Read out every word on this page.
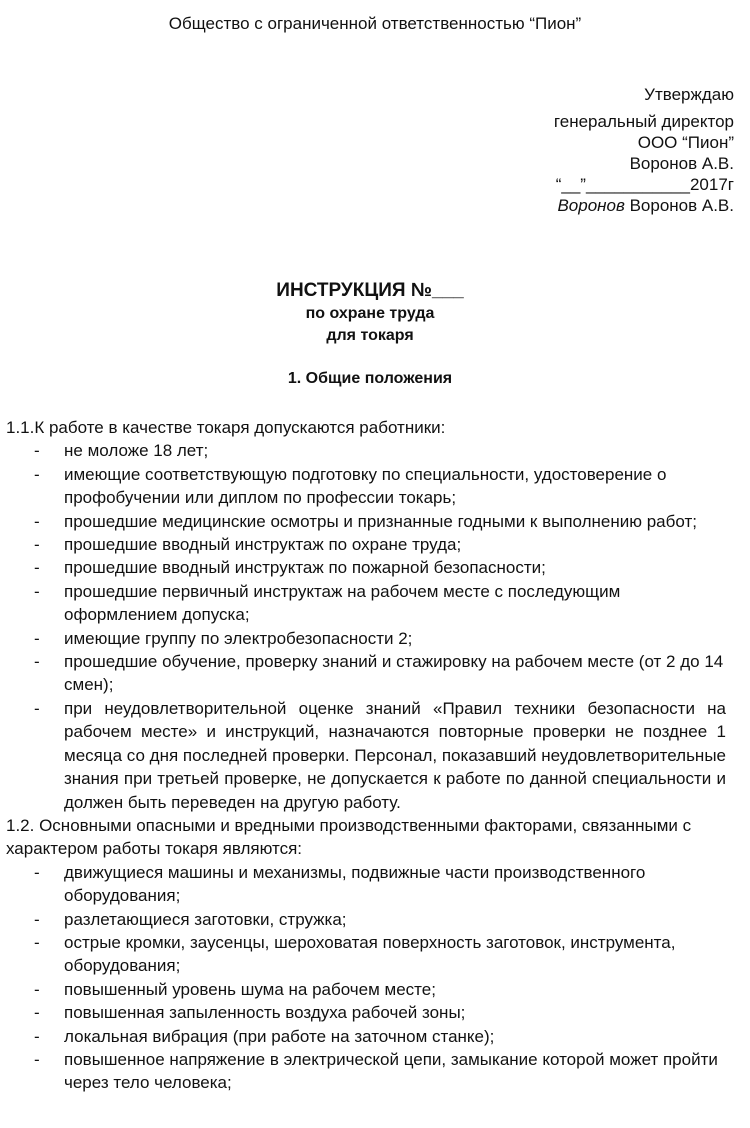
Общество с ограниченной ответственностью “Пион”
Утверждаю
генеральный директор
ООО “Пион”
Воронов А.В.
“__”___________2017г
Воронов Воронов А.В.
ИНСТРУКЦИЯ №___
по охране труда
для токаря
1. Общие положения

1.1.К работе в качестве токаря допускаются работники:

-	не моложе 18 лет;
-	имеющие соответствующую подготовку по специальности, удостоверение о профобучении или диплом по профессии токарь;
-	прошедшие медицинские осмотры и признанные годными к выполнению работ;
-	прошедшие вводный инструктаж по охране труда;
-	прошедшие вводный инструктаж по пожарной безопасности;
-	прошедшие первичный инструктаж на рабочем месте с последующим оформлением допуска;
-	имеющие группу по электробезопасности 2;
-	прошедшие обучение, проверку знаний и стажировку на рабочем месте (от 2 до 14 смен);
-	при неудовлетворительной оценке знаний «Правил техники безопасности на рабочем месте» и инструкций, назначаются повторные проверки не позднее 1 месяца со дня последней проверки. Персонал, показавший неудовлетворительные знания при третьей проверке, не допускается к работе по данной специальности и должен быть переведен на другую работу.

1.2. Основными опасными и вредными производственными факторами, связанными с характером работы токаря являются:

-	движущиеся машины и механизмы, подвижные части производственного оборудования;
-	разлетающиеся заготовки, стружка;
-	острые кромки, заусенцы, шероховатая поверхность заготовок, инструмента, оборудования;
-	повышенный уровень шума на рабочем месте;
-	повышенная запыленность воздуха рабочей зоны;
-	локальная вибрация (при работе на заточном станке);
-	повышенное напряжение в электрической цепи, замыкание которой может пройти через тело человека;
